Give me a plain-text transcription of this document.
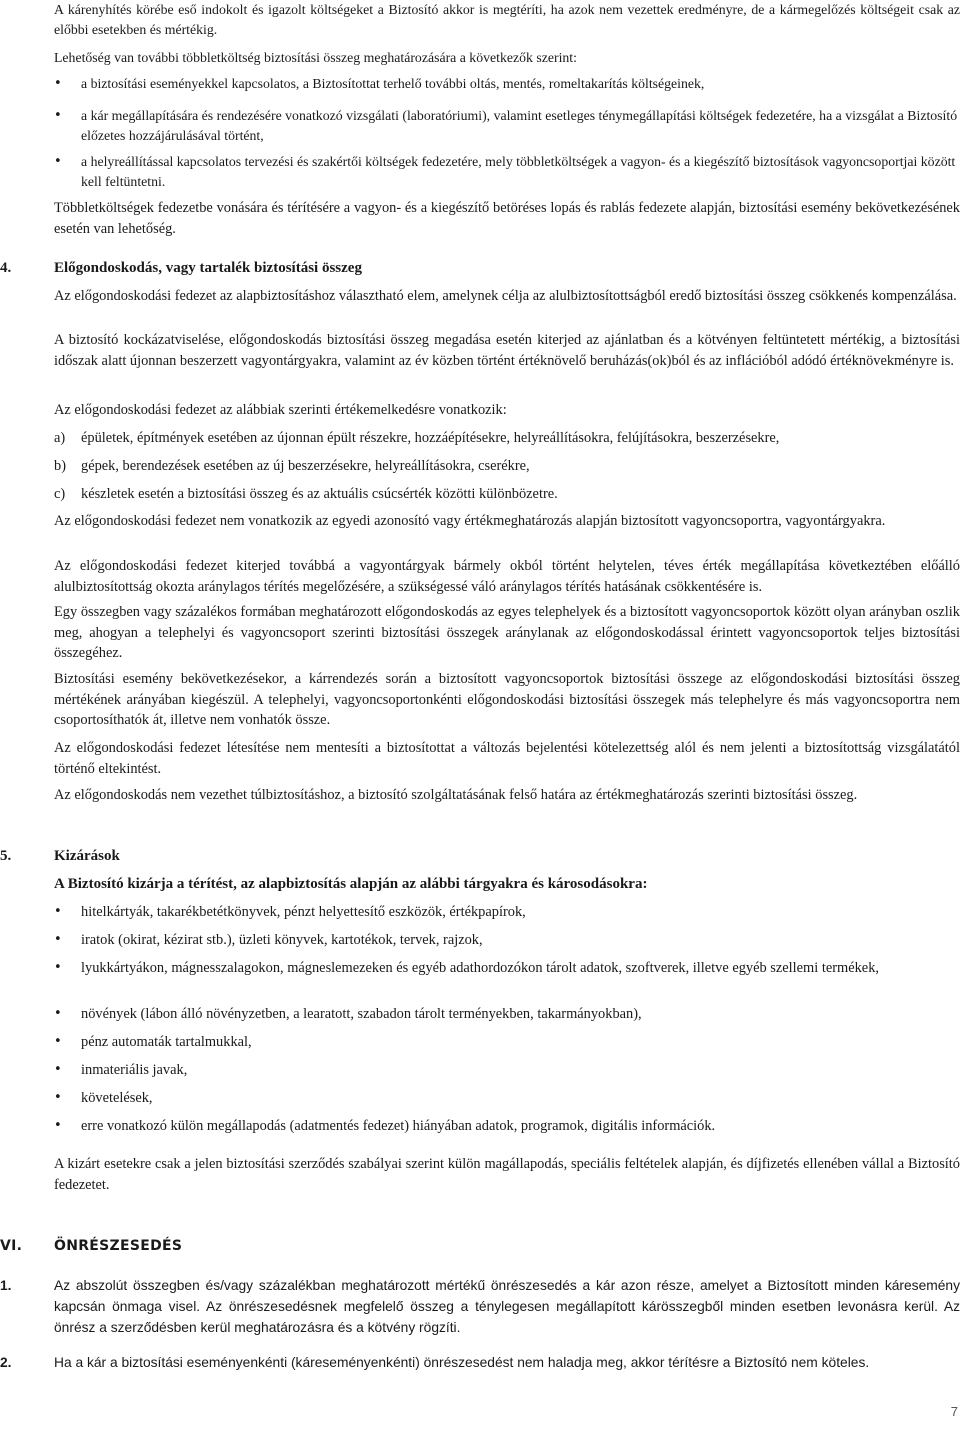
A kárenyhítés körébe eső indokolt és igazolt költségeket a Biztosító akkor is megtéríti, ha azok nem vezettek eredményre, de a kármegelőzés költségeit csak az előbbi esetekben és mértékig.
Lehetőség van további többletköltség biztosítási összeg meghatározására a következők szerint:
• a biztosítási eseményekkel kapcsolatos, a Biztosítottat terhelő további oltás, mentés, romeltakarítás költségeinek,
• a kár megállapítására és rendezésére vonatkozó vizsgálati (laboratóriumi), valamint esetleges ténymegállapítási költségek fedezetére, ha a vizsgálat a Biztosító előzetes hozzájárulásával történt,
• a helyreállítással kapcsolatos tervezési és szakértői költségek fedezetére, mely többletköltségek a vagyon- és a kiegészítő biztosítások vagyoncsoportjai között kell feltüntetni.
Többletköltségek fedezetbe vonására és térítésére a vagyon- és a kiegészítő betöréses lopás és rablás fedezete alapján, biztosítási esemény bekövetkezésének esetén van lehetőség.
4.	Előgondoskodás, vagy tartalék biztosítási összeg
Az előgondoskodási fedezet az alapbiztosításhoz választható elem, amelynek célja az alulbiztosítottságból eredő biztosítási összeg csökkenés kompenzálása.
A biztosító kockázatviselése, előgondoskodás biztosítási összeg megadása esetén kiterjed az ajánlatban és a kötvényen feltüntetett mértékig, a biztosítási időszak alatt újonnan beszerzett vagyontárgyakra, valamint az év közben történt értéknövelő beruházás(ok)ból és az inflációból adódó értéknövekményre is.
Az előgondoskodási fedezet az alábbiak szerinti értékemelkedésre vonatkozik:
a) épületek, építmények esetében az újonnan épült részekre, hozzáépítésekre, helyreállításokra, felújításokra, beszerzésekre,
b) gépek, berendezések esetében az új beszerzésekre, helyreállításokra, cserékre,
c) készletek esetén a biztosítási összeg és az aktuális csúcsérték közötti különbözetre.
Az előgondoskodási fedezet nem vonatkozik az egyedi azonosító vagy értékmeghatározás alapján biztosított vagyoncsoportra, vagyontárgyakra.
Az előgondoskodási fedezet kiterjed továbbá a vagyontárgyak bármely okból történt helytelen, téves érték megállapítása következtében előálló alulbiztosítottság okozta aránylagos térítés megelőzésére, a szükségessé váló aránylagos térítés hatásának csökkentésére is.
Egy összegben vagy százalékos formában meghatározott előgondoskodás az egyes telephelyek és a biztosított vagyoncsoportok között olyan arányban oszlik meg, ahogyan a telephelyi és vagyoncsoport szerinti biztosítási összegek aránylanak az előgondoskodással érintett vagyoncsoportok teljes biztosítási összegéhez.
Biztosítási esemény bekövetkezésekor, a kárrendezés során a biztosított vagyoncsoportok biztosítási összege az előgondoskodási biztosítási összeg mértékének arányában kiegészül. A telephelyi, vagyoncsoportonkénti előgondoskodási biztosítási összegek más telephelyre és más vagyoncsoportra nem csoportosíthatók át, illetve nem vonhatók össze.
Az előgondoskodási fedezet létesítése nem mentesíti a biztosítottat a változás bejelentési kötelezettség alól és nem jelenti a biztosítottság vizsgálatától történő eltekintést.
Az előgondoskodás nem vezethet túlbiztosításhoz, a biztosító szolgáltatásának felső határa az értékmeghatározás szerinti biztosítási összeg.
5.	Kizárások
A Biztosító kizárja a térítést, az alapbiztosítás alapján az alábbi tárgyakra és károsodásokra:
• hitelkártyák, takarékbetétkönyvek, pénzt helyettesítő eszközök, értékpapírok,
• iratok (okirat, kézirat stb.), üzleti könyvek, kartotékok, tervek, rajzok,
• lyukkártyákon, mágnesszalagokon, mágneslemezeken és egyéb adathordozókon tárolt adatok, szoftverek, illetve egyéb szellemi termékek,
• növények (lábon álló növényzetben, a learatott, szabadon tárolt terményekben, takarmányokban),
• pénz automaták tartalmukkal,
• inmateriális javak,
• követelések,
• erre vonatkozó külön megállapodás (adatmentés fedezet) hiányában adatok, programok, digitális információk.
A kizárt esetekre csak a jelen biztosítási szerződés szabályai szerint külön magállapodás, speciális feltételek alapján, és díjfizetés ellenében vállal a Biztosító fedezetet.
VI. ÖNRÉSZESEDÉS
1.	Az abszolút összegben és/vagy százalékban meghatározott mértékű önrészesedés a kár azon része, amelyet a Biztosított minden káresemény kapcsán önmaga visel. Az önrészesedésnek megfelelő összeg a ténylegesen megállapított kárösszegből minden esetben levonásra kerül. Az önrész a szerződésben kerül meghatározásra és a kötvény rögzíti.
2.	Ha a kár a biztosítási eseményenkénti (káreseményenkénti) önrészesedést nem haladja meg, akkor térítésre a Biztosító nem köteles.
7
